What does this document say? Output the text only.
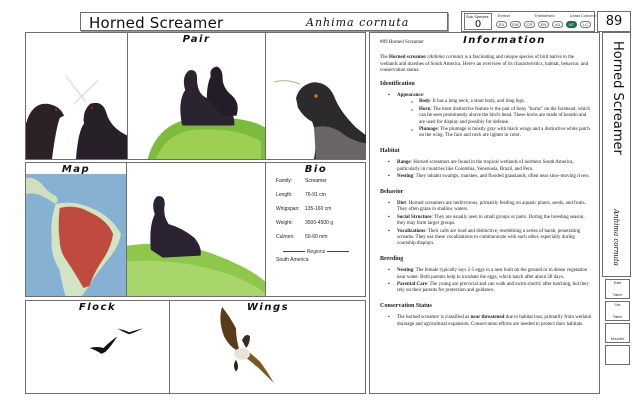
Horned Screamer	Anhima cornuta	Sub Species
0
Extinct	Threatened	Least Concern
EX	EW	CR	EN	VU	NT	LC	89
Pair
Map	Bio
Family:	Screamer
Length: 76-91 cm
Wingspan: 135-160 cm
Weight: 3500-4500 g
Culmen: 50-60 mm
Regions
South America
Flock	Wings
Information
#89 Horned Screamer

The Horned screamer (Anhima cornuta) is a fascinating and unique species of bird native to the wetlands and marshes of South America. Here's an overview of its characteristics, habitat, behavior, and conservation status:

Identification
▪ Appearance:
o Body: It has a long neck, a stout body, and long legs.
o Horn: The most distinctive feature is the pair of bony "horns" on the forehead, which can be seen prominently above the bird's head. These horns are made of keratin and are used for display and possibly for defense.
o Plumage: The plumage is mostly gray with black wings and a distinctive white patch on the wing. The face and neck are lighter in color.
Habitat
▪ Range: Horned screamers are found in the tropical wetlands of northern South America, particularly in countries like Colombia, Venezuela, Brazil, and Peru.
▪ Nesting: They inhabit swamps, marshes, and flooded grasslands, often near slow-moving rivers.
Behavior
▪ Diet: Horned screamers are herbivorous, primarily feeding on aquatic plants, seeds, and fruits. They often graze in shallow waters.
▪ Social Structure: They are usually seen in small groups or pairs. During the breeding season, they may form larger groups.
▪ Vocalizations: Their calls are loud and distinctive, resembling a series of harsh, penetrating screams. They use these vocalizations to communicate with each other, especially during courtship displays.
Breeding
▪ Nesting: The female typically lays 2-5 eggs in a nest built on the ground or in dense vegetation near water. Both parents help to incubate the eggs, which hatch after about 28 days.
▪ Parental Care: The young are precocial and can walk and swim shortly after hatching, but they rely on their parents for protection and guidance.
Conservation Status
▪ The horned screamer is classified as near threatened due to habitat loss, primarily from wetland drainage and agricultural expansion. Conservation efforts are needed to protect their habitats.
Horned Screamer
Anhima cornuta
Date
Taken
Sex
Taken
Mounted
